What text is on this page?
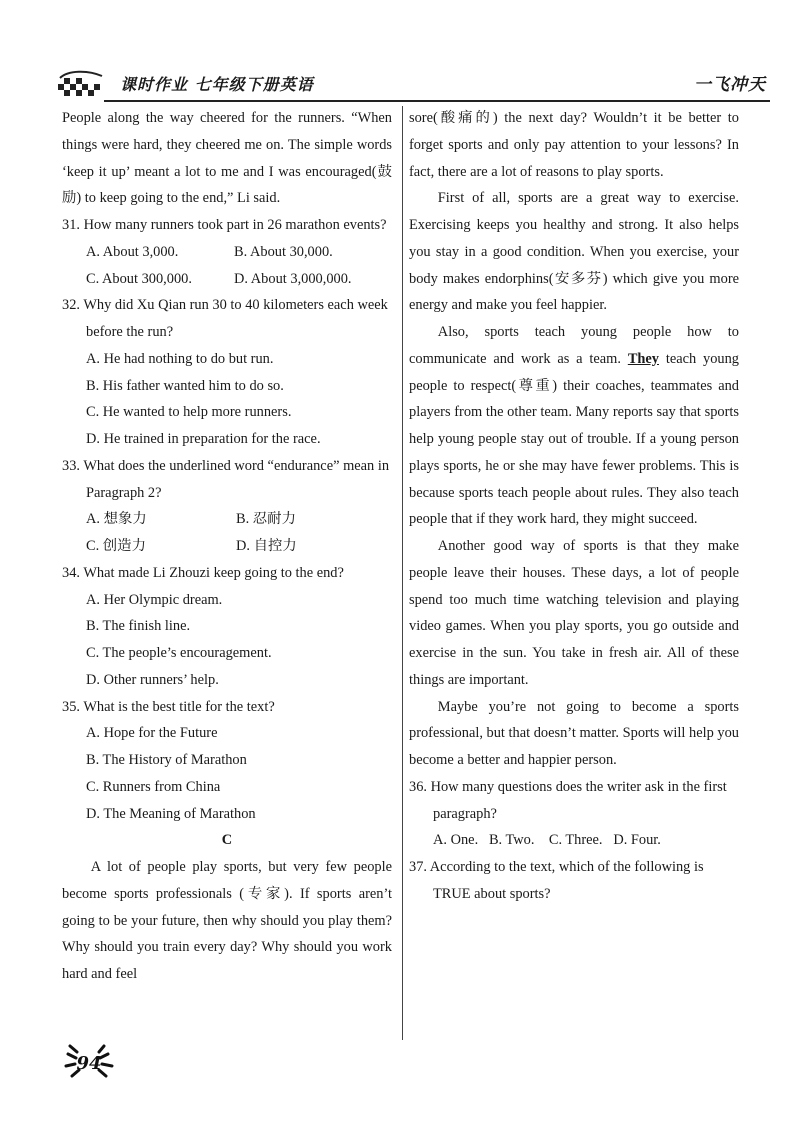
课时作业 七年级下册英语	一飞冲天

People along the way cheered for the runners. “When things were hard, they cheered me on. The simple words ‘keep it up’ meant a lot to me and I was encouraged(鼓励) to keep going to the end,” Li said.

31. How many runners took part in 26 marathon events?

A. About 3,000.	B. About 30,000.
C. About 300,000.	D. About 3,000,000.

32. Why did Xu Qian run 30 to 40 kilometers each week before the run?

A. He had nothing to do but run.

B. His father wanted him to do so.

C. He wanted to help more runners.

D. He trained in preparation for the race.

33. What does the underlined word “endurance” mean in Paragraph 2?

A. 想象力	B. 忍耐力
C. 创造力	D. 自控力

34. What made Li Zhouzi keep going to the end?

A. Her Olympic dream.

B. The finish line.

C. The people’s encouragement.

D. Other runners’ help.

35. What is the best title for the text?

A. Hope for the Future

B. The History of Marathon

C. Runners from China

D. The Meaning of Marathon

C

A lot of people play sports, but very few people become sports professionals (专家). If sports aren’t going to be your future, then why should you play them? Why should you train every day? Why should you work hard and feel

sore(酸痛的) the next day? Wouldn’t it be better to forget sports and only pay attention to your lessons? In fact, there are a lot of reasons to play sports.

First of all, sports are a great way to exercise. Exercising keeps you healthy and strong. It also helps you stay in a good condition. When you exercise, your body makes endorphins(安多芬) which give you more energy and make you feel happier.

Also, sports teach young people how to communicate and work as a team. They teach young people to respect(尊重) their coaches, teammates and players from the other team. Many reports say that sports help young people stay out of trouble. If a young person plays sports, he or she may have fewer problems. This is because sports teach people about rules. They also teach people that if they work hard, they might succeed.

Another good way of sports is that they make people leave their houses. These days, a lot of people spend too much time watching television and playing video games. When you play sports, you go outside and exercise in the sun. You take in fresh air. All of these things are important.

Maybe you’re not going to become a sports professional, but that doesn’t matter. Sports will help you become a better and happier person.

36. How many questions does the writer ask in the first paragraph?

A. One.   B. Two.    C. Three.   D. Four.

37. According to the text, which of the following is TRUE about sports?

94
